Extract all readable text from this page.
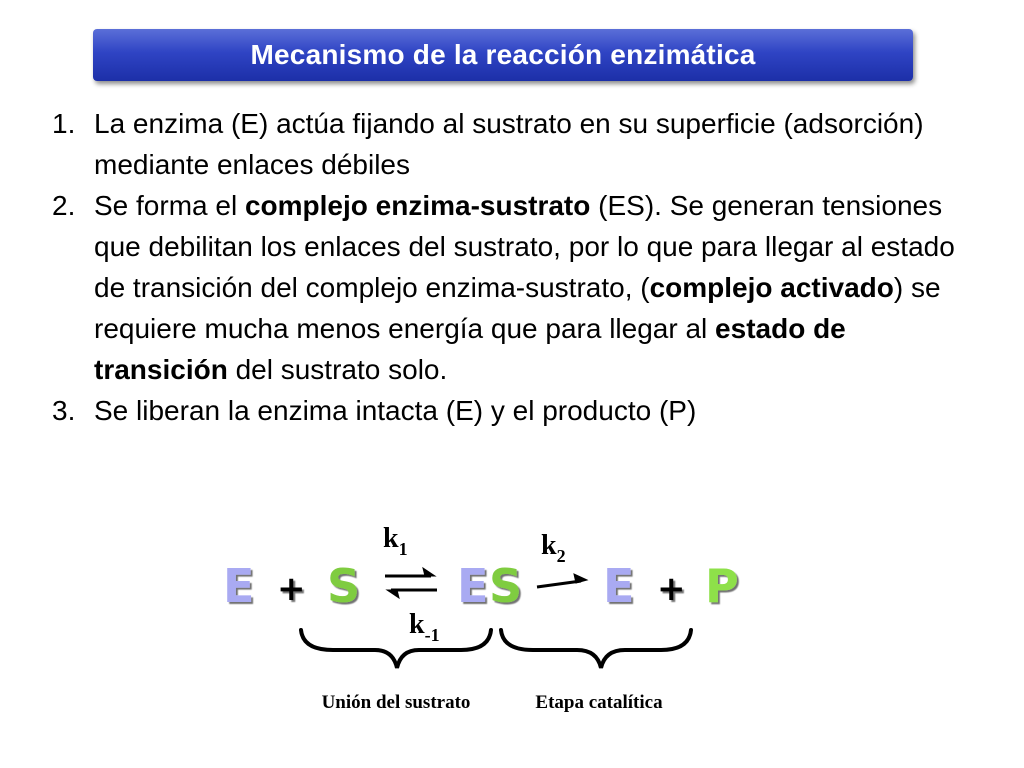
Mecanismo de la reacción enzimática
1. La enzima (E) actúa fijando al sustrato en su superficie (adsorción) mediante enlaces débiles
2. Se forma el complejo enzima-sustrato (ES). Se generan tensiones que debilitan los enlaces del sustrato, por lo que para llegar al estado de transición del complejo enzima-sustrato, (complejo activado) se requiere mucha menos energía que para llegar al estado de transición del sustrato solo.
3. Se liberan la enzima intacta (E) y el producto (P)
E + S E S E + P
$k_1$
$k_{-1}$
$k_2$
Unión del sustrato	Etapa catalítica
